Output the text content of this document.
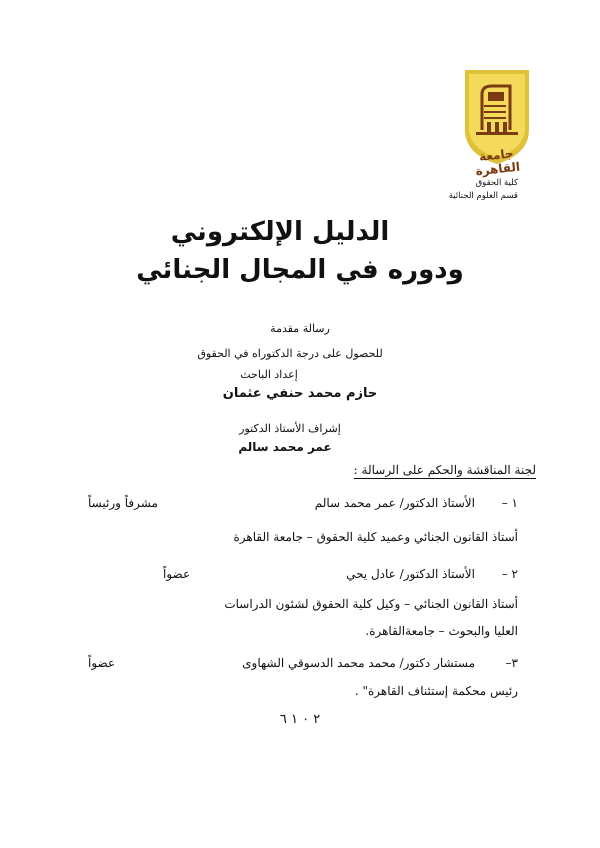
جامعة القاهرة
كلية الحقوق
قسم العلوم الجنائية
الدليل الإلكتروني
ودوره في المجال الجنائي
رسالة مقدمة
للحصول على درجة الدكتوراه في الحقوق
إعداد الباحث
حازم محمد حنفي عثمان
إشراف الأستاذ الدكتور
عمر محمد سالم
لجنة المناقشة والحكم على الرسالة :
١ –
الأستاذ الدكتور/ عمر محمد سالم
مشرفاً ورئيساً
أستاذ القانون الجنائي وعميد كلية الحقوق – جامعة القاهرة
٢ –
الأستاذ الدكتور/ عادل يحي
عضواً
أستاذ القانون الجنائي – وكيل كلية الحقوق لشئون الدراسات
العليا والبحوث – جامعةالقاهرة.
٣–
مستشار دكتور/ محمد محمد الدسوقي الشهاوى
عضواً
رئيس محكمة إستئناف القاهرة" .
٢ ٠ ١ ٦
